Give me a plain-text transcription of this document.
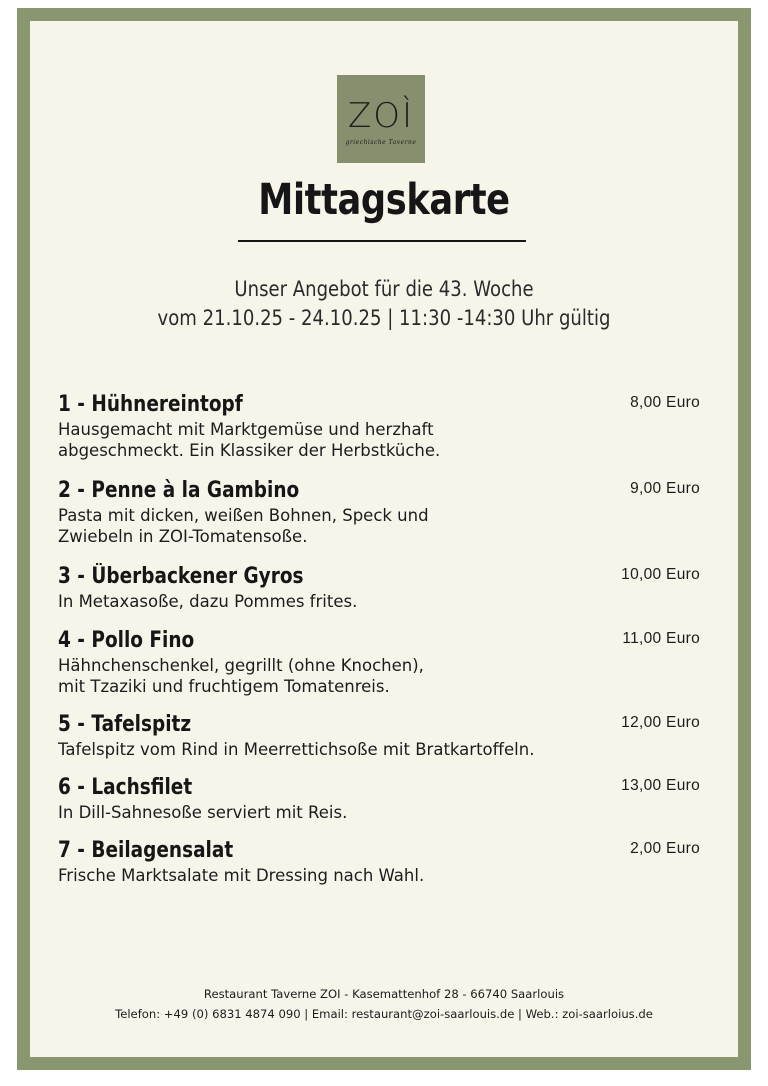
ZOÌ
griechische Taverne
Mittagskarte
Unser Angebot für die 43. Woche
vom 21.10.25 - 24.10.25 | 11:30 -14:30 Uhr gültig
1 - Hühnereintopf	8,00 Euro
Hausgemacht mit Marktgemüse und herzhaft
abgeschmeckt. Ein Klassiker der Herbstküche.
2 - Penne à la Gambino	9,00 Euro
Pasta mit dicken, weißen Bohnen, Speck und
Zwiebeln in ZOI-Tomatensoße.
3 - Überbackener Gyros	10,00 Euro
In Metaxasoße, dazu Pommes frites.
4 - Pollo Fino	11,00 Euro
Hähnchenschenkel, gegrillt (ohne Knochen),
mit Tzaziki und fruchtigem Tomatenreis.
5 - Tafelspitz	12,00 Euro
Tafelspitz vom Rind in Meerrettichsoße mit Bratkartoffeln.
6 - Lachsfilet	13,00 Euro
In Dill-Sahnesoße serviert mit Reis.
7 - Beilagensalat	2,00 Euro
Frische Marktsalate mit Dressing nach Wahl.
Restaurant Taverne ZOI - Kasemattenhof 28 - 66740 Saarlouis
Telefon: +49 (0) 6831 4874 090 | Email: restaurant@zoi-saarlouis.de | Web.: zoi-saarloius.de
